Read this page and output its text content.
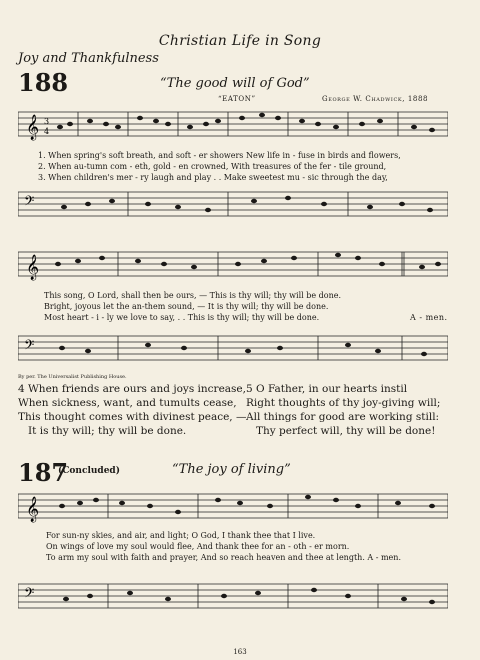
Christian Life in Song
Joy and Thankfulness
188	“The good will of God”
“EATON”	George W. Chadwick, 1888
𝄞 3
4
1. When spring's soft breath, and soft - er showers New life in - fuse in birds and flowers,
2. When au-tumn com - eth, gold - en crowned, With treasures of the fer - tile ground,
3. When children's mer - ry laugh and play . . Make sweetest mu - sic through the day,
𝄢
𝄞
This song, O Lord, shall then be ours, — This is thy will; thy will be done.
Bright, joyous let the an-them sound, — It is thy will; thy will be done.
Most heart - i - ly we love to say, . . This is thy will; thy will be done.	A - men.
𝄢
By per. The Universalist Publishing House.
4 When friends are ours and joys increase,
When sickness, want, and tumults cease,
This thought comes with divinest peace, —
It is thy will; thy will be done.
5 O Father, in our hearts instil
Right thoughts of thy joy-giving will;
All things for good are working still:
Thy perfect will, thy will be done!
187
(Concluded)	“The joy of living”
𝄞
For sun-ny skies, and air, and light; O God, I thank thee that I live.
On wings of love my soul would flee, And thank thee for an - oth - er morn.
To arm my soul with faith and prayer, And so reach heaven and thee at length. A - men.
𝄢
163
